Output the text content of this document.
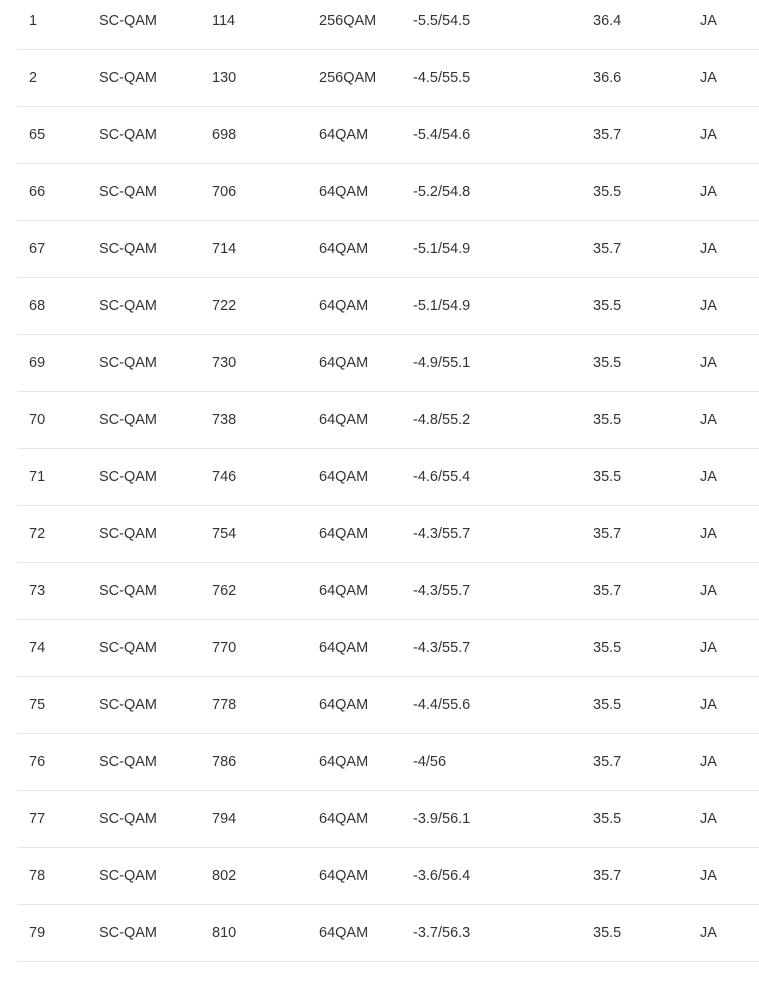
1	SC-QAM	114	256QAM	-5.5/54.5	36.4	JA
2	SC-QAM	130	256QAM	-4.5/55.5	36.6	JA
65	SC-QAM	698	64QAM	-5.4/54.6	35.7	JA
66	SC-QAM	706	64QAM	-5.2/54.8	35.5	JA
67	SC-QAM	714	64QAM	-5.1/54.9	35.7	JA
68	SC-QAM	722	64QAM	-5.1/54.9	35.5	JA
69	SC-QAM	730	64QAM	-4.9/55.1	35.5	JA
70	SC-QAM	738	64QAM	-4.8/55.2	35.5	JA
71	SC-QAM	746	64QAM	-4.6/55.4	35.5	JA
72	SC-QAM	754	64QAM	-4.3/55.7	35.7	JA
73	SC-QAM	762	64QAM	-4.3/55.7	35.7	JA
74	SC-QAM	770	64QAM	-4.3/55.7	35.5	JA
75	SC-QAM	778	64QAM	-4.4/55.6	35.5	JA
76	SC-QAM	786	64QAM	-4/56	35.7	JA
77	SC-QAM	794	64QAM	-3.9/56.1	35.5	JA
78	SC-QAM	802	64QAM	-3.6/56.4	35.7	JA
79	SC-QAM	810	64QAM	-3.7/56.3	35.5	JA
